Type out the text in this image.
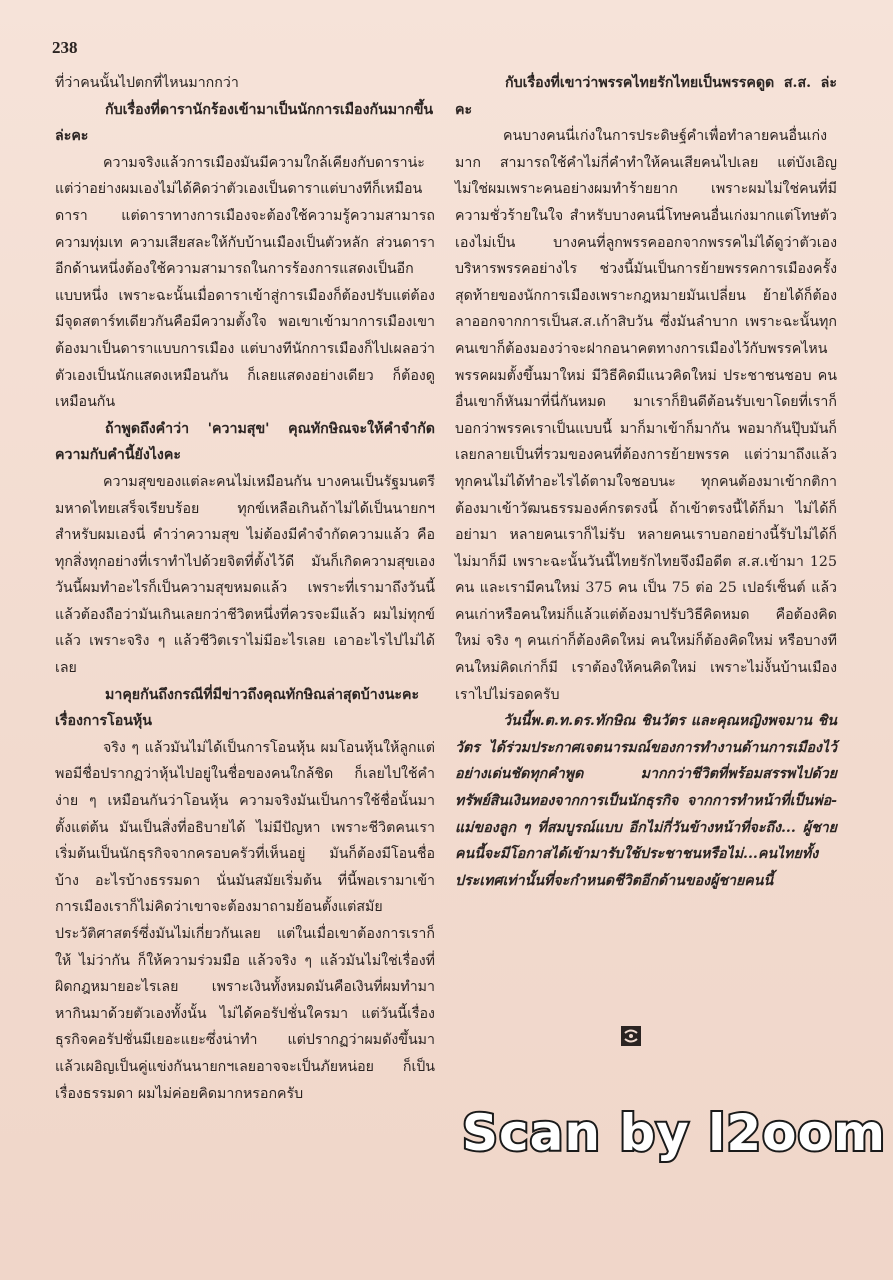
238

ที่ว่าคนนั้นไปตกที่ไหนมากกว่า

กับเรื่องที่ดารานักร้องเข้ามาเป็นนักการเมืองกันมากขึ้นล่ะคะ

ความจริงแล้วการเมืองมันมีความใกล้เคียงกับดาราน่ะ แต่ว่าอย่างผมเองไม่ได้คิดว่าตัวเองเป็นดาราแต่บางทีก็เหมือนดารา แต่ดาราทางการเมืองจะต้องใช้ความรู้ความสามารถ ความทุ่มเท ความเสียสละให้กับบ้านเมืองเป็นตัวหลัก ส่วนดาราอีกด้านหนึ่งต้องใช้ความสามารถในการร้องการแสดงเป็นอีกแบบหนึ่ง เพราะฉะนั้นเมื่อดาราเข้าสู่การเมืองก็ต้องปรับแต่ต้องมีจุดสตาร์ทเดียวกันคือมีความตั้งใจ พอเขาเข้ามาการเมืองเขาต้องมาเป็นดาราแบบการเมือง แต่บางทีนักการเมืองก็ไปเผลอว่าตัวเองเป็นนักแสดงเหมือนกัน ก็เลยแสดงอย่างเดียว ก็ต้องดูเหมือนกัน

ถ้าพูดถึงคำว่า 'ความสุข' คุณทักษิณจะให้คำจำกัดความกับคำนี้ยังไงคะ

ความสุขของแต่ละคนไม่เหมือนกัน บางคนเป็นรัฐมนตรีมหาดไทยเสร็จเรียบร้อย ทุกข์เหลือเกินถ้าไม่ได้เป็นนายกฯ สำหรับผมเองนี่ คำว่าความสุข ไม่ต้องมีคำจำกัดความแล้ว คือทุกสิ่งทุกอย่างที่เราทำไปด้วยจิตที่ตั้งไว้ดี มันก็เกิดความสุขเอง วันนี้ผมทำอะไรก็เป็นความสุขหมดแล้ว เพราะที่เรามาถึงวันนี้แล้วต้องถือว่ามันเกินเลยกว่าชีวิตหนึ่งที่ควรจะมีแล้ว ผมไม่ทุกข์แล้ว เพราะจริง ๆ แล้วชีวิตเราไม่มีอะไรเลย เอาอะไรไปไม่ได้เลย

มาคุยกันถึงกรณีที่มีข่าวถึงคุณทักษิณล่าสุดบ้างนะคะ เรื่องการโอนหุ้น

จริง ๆ แล้วมันไม่ได้เป็นการโอนหุ้น ผมโอนหุ้นให้ลูกแต่พอมีชื่อปรากฏว่าหุ้นไปอยู่ในชื่อของคนใกล้ชิด ก็เลยไปใช้คำง่าย ๆ เหมือนกันว่าโอนหุ้น ความจริงมันเป็นการใช้ชื่อนั้นมาตั้งแต่ต้น มันเป็นสิ่งที่อธิบายได้ ไม่มีปัญหา เพราะชีวิตคนเราเริ่มต้นเป็นนักธุรกิจจากครอบครัวที่เห็นอยู่ มันก็ต้องมีโอนชื่อบ้าง อะไรบ้างธรรมดา นั่นมันสมัยเริ่มต้น ที่นี้พอเรามาเข้าการเมืองเราก็ไม่คิดว่าเขาจะต้องมาถามย้อนตั้งแต่สมัยประวัติศาสตร์ซึ่งมันไม่เกี่ยวกันเลย แต่ในเมื่อเขาต้องการเราก็ให้ ไม่ว่ากัน ก็ให้ความร่วมมือ แล้วจริง ๆ แล้วมันไม่ใช่เรื่องที่ผิดกฎหมายอะไรเลย เพราะเงินทั้งหมดมันคือเงินที่ผมทำมาหากินมาด้วยตัวเองทั้งนั้น ไม่ได้คอรัปชั่นใครมา แต่วันนี้เรื่องธุรกิจคอรัปชั่นมีเยอะแยะซึ่งน่าทำ แต่ปรากฏว่าผมดังขึ้นมาแล้วเผอิญเป็นคู่แข่งกันนายกฯเลยอาจจะเป็นภัยหน่อย ก็เป็นเรื่องธรรมดา ผมไม่ค่อยคิดมากหรอกครับ

กับเรื่องที่เขาว่าพรรคไทยรักไทยเป็นพรรคดูด ส.ส. ล่ะคะ

คนบางคนนี่เก่งในการประดิษฐ์คำเพื่อทำลายคนอื่นเก่งมาก สามารถใช้คำไม่กี่คำทำให้คนเสียคนไปเลย แต่บังเอิญไม่ใช่ผมเพราะคนอย่างผมทำร้ายยาก เพราะผมไม่ใช่คนที่มีความชั่วร้ายในใจ สำหรับบางคนนี่โทษคนอื่นเก่งมากแต่โทษตัวเองไม่เป็น บางคนที่ลูกพรรคออกจากพรรคไม่ได้ดูว่าตัวเองบริหารพรรคอย่างไร ช่วงนี้มันเป็นการย้ายพรรคการเมืองครั้งสุดท้ายของนักการเมืองเพราะกฎหมายมันเปลี่ยน ย้ายได้ก็ต้องลาออกจากการเป็นส.ส.เก้าสิบวัน ซึ่งมันลำบาก เพราะฉะนั้นทุกคนเขาก็ต้องมองว่าจะฝากอนาคตทางการเมืองไว้กับพรรคไหน พรรคผมตั้งขึ้นมาใหม่ มีวิธีคิดมีแนวคิดใหม่ ประชาชนชอบ คนอื่นเขาก็หันมาที่นี่กันหมด มาเราก็ยินดีต้อนรับเขาโดยที่เราก็บอกว่าพรรคเราเป็นแบบนี้ มาก็มาเข้าก็มากัน พอมากันปุ๊บมันก็เลยกลายเป็นที่รวมของคนที่ต้องการย้ายพรรค แต่ว่ามาถึงแล้วทุกคนไม่ได้ทำอะไรได้ตามใจชอบนะ ทุกคนต้องมาเข้ากติกา ต้องมาเข้าวัฒนธรรมองค์กรตรงนี้ ถ้าเข้าตรงนี้ได้ก็มา ไม่ได้ก็อย่ามา หลายคนเราก็ไม่รับ หลายคนเราบอกอย่างนี้รับไม่ได้ก็ไม่มาก็มี เพราะฉะนั้นวันนี้ไทยรักไทยจึงมือดีต ส.ส.เข้ามา 125 คน และเรามีคนใหม่ 375 คน เป็น 75 ต่อ 25 เปอร์เซ็นต์ แล้วคนเก่าหรือคนใหม่ก็แล้วแต่ต้องมาปรับวิธีคิดหมด คือต้องคิดใหม่ จริง ๆ คนเก่าก็ต้องคิดใหม่ คนใหม่ก็ต้องคิดใหม่ หรือบางทีคนใหม่คิดเก่าก็มี เราต้องให้คนคิดใหม่ เพราะไม่งั้นบ้านเมืองเราไปไม่รอดครับ

วันนี้พ.ต.ท.ดร.ทักษิณ ชินวัตร และคุณหญิงพจมาน ชินวัตร ได้ร่วมประกาศเจตนารมณ์ของการทำงานด้านการเมืองไว้อย่างเด่นชัดทุกคำพูด มากกว่าชีวิตที่พร้อมสรรพไปด้วยทรัพย์สินเงินทองจากการเป็นนักธุรกิจ จากการทำหน้าที่เป็นพ่อ-แม่ของลูก ๆ ที่สมบูรณ์แบบ อีกไม่กี่วันข้างหน้าที่จะถึง... ผู้ชายคนนี้จะมีโอกาสได้เข้ามารับใช้ประชาชนหรือไม่...คนไทยทั้งประเทศเท่านั้นที่จะกำหนดชีวิตอีกด้านของผู้ชายคนนี้

Scan by l2oom
